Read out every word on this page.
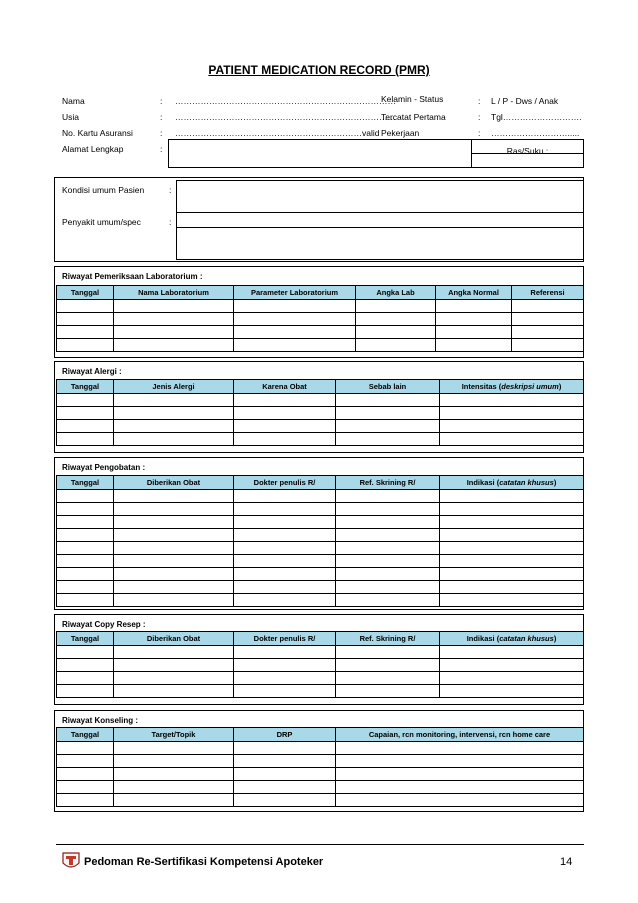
PATIENT MEDICATION RECORD (PMR)
Nama	: ……………………………………………………………………
Usia	: ……………………………………………………………………
No. Kartu Asuransi	: …………………………………………………………valid
Kelamin - Status	: L / P - Dws / Anak
Tercatat Pertama	: Tgl……………………….
Pekerjaan	: ……………………….....
Alamat Lengkap	:	Ras/Suku :
Kondisi umum Pasien	:
Penyakit umum/spec	:
Riwayat Pemeriksaan Laboratorium :
Tanggal	Nama Laboratorium	Parameter Laboratorium	Angka Lab	Angka Normal	Referensi

Riwayat Alergi :
Tanggal	Jenis Alergi	Karena Obat	Sebab lain	Intensitas (deskripsi umum)

Riwayat Pengobatan :
Tanggal	Diberikan Obat	Dokter penulis R/	Ref. Skrining R/	Indikasi (catatan khusus)

Riwayat Copy Resep :
Tanggal	Diberikan Obat	Dokter penulis R/	Ref. Skrining R/	Indikasi (catatan khusus)

Riwayat Konseling :
Tanggal	Target/Topik	DRP	Capaian, rcn monitoring, intervensi, rcn home care

Pedoman Re-Sertifikasi Kompetensi Apoteker	14
